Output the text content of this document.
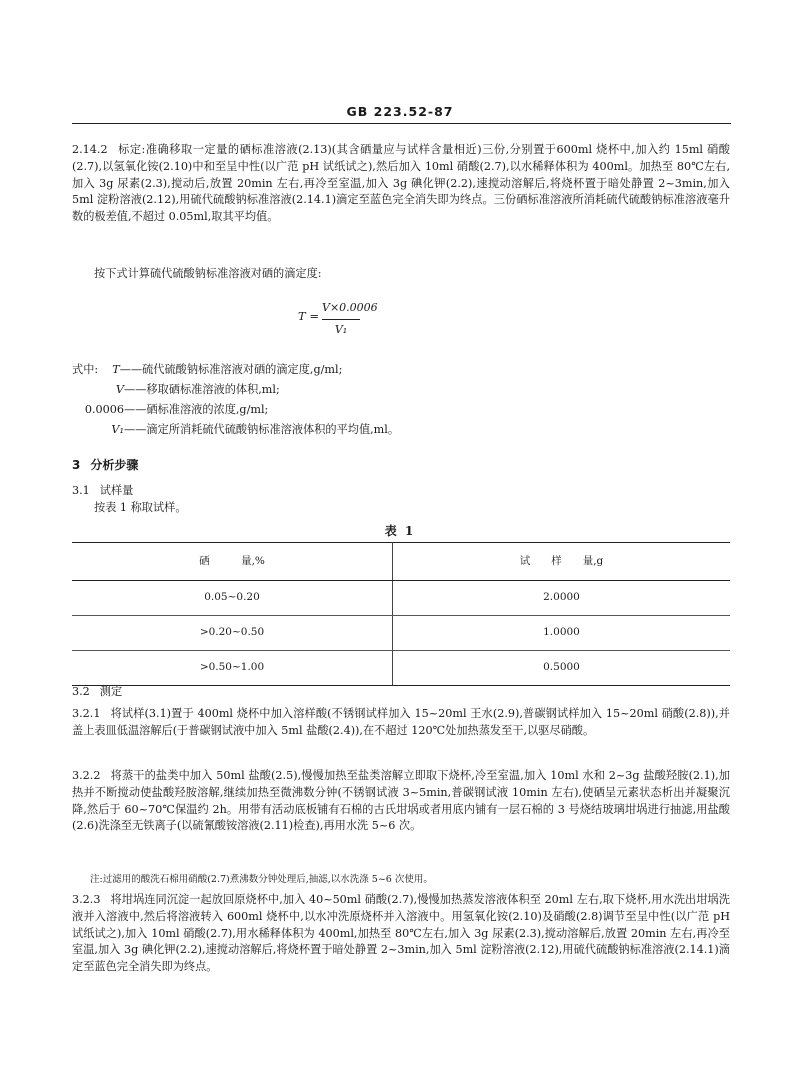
GB 223.52-87
2.14.2 标定:准确移取一定量的硒标准溶液(2.13)(其含硒量应与试样含量相近)三份,分别置于600ml 烧杯中,加入约 15ml 硝酸(2.7),以氢氧化铵(2.10)中和至呈中性(以广范 pH 试纸试之),然后加入 10ml 硝酸(2.7),以水稀释体积为 400ml。加热至 80℃左右,加入 3g 尿素(2.3),搅动后,放置 20min 左右,再冷至室温,加入 3g 碘化钾(2.2),速搅动溶解后,将烧杯置于暗处静置 2~3min,加入 5ml 淀粉溶液(2.12),用硫代硫酸钠标准溶液(2.14.1)滴定至蓝色完全消失即为终点。三份硒标准溶液所消耗硫代硫酸钠标准溶液毫升数的极差值,不超过 0.05ml,取其平均值。
按下式计算硫代硫酸钠标准溶液对硒的滴定度:
$T = \frac{V\times 0.0006}{\text{V₁}}$
式中: T——硫代硫酸钠标准溶液对硒的滴定度,g/ml;
V——移取硒标准溶液的体积,ml;
0.0006——硒标准溶液的浓度,g/ml;
V₁——滴定所消耗硫代硫酸钠标准溶液体积的平均值,ml。
3 分析步骤
3.1 试样量
按表 1 称取试样。
表 1
硒　　　量,%	试　　样　　量,g
0.05~0.20	2.0000
>0.20~0.50	1.0000
>0.50~1.00	0.5000
3.2 测定
3.2.1 将试样(3.1)置于 400ml 烧杯中加入溶样酸(不锈钢试样加入 15~20ml 王水(2.9),普碳钢试样加入 15~20ml 硝酸(2.8)),并盖上表皿低温溶解后(于普碳钢试液中加入 5ml 盐酸(2.4)),在不超过 120℃处加热蒸发至干,以驱尽硝酸。
3.2.2 将蒸干的盐类中加入 50ml 盐酸(2.5),慢慢加热至盐类溶解立即取下烧杯,冷至室温,加入 10ml 水和 2~3g 盐酸羟胺(2.1),加热并不断搅动使盐酸羟胺溶解,继续加热至微沸数分钟(不锈钢试液 3~5min,普碳钢试液 10min 左右),使硒呈元素状态析出并凝聚沉降,然后于 60~70℃保温约 2h。用带有活动底板铺有石棉的古氏坩埚或者用底内铺有一层石棉的 3 号烧结玻璃坩埚进行抽滤,用盐酸(2.6)洗涤至无铁离子(以硫氰酸铵溶液(2.11)检查),再用水洗 5~6 次。
注:过滤用的酸洗石棉用硝酸(2.7)煮沸数分钟处理后,抽滤,以水洗涤 5~6 次使用。
3.2.3 将坩埚连同沉淀一起放回原烧杯中,加入 40~50ml 硝酸(2.7),慢慢加热蒸发溶液体积至 20ml 左右,取下烧杯,用水洗出坩埚洗液并入溶液中,然后将溶液转入 600ml 烧杯中,以水冲洗原烧杯并入溶液中。用氢氧化铵(2.10)及硝酸(2.8)调节至呈中性(以广范 pH 试纸试之),加入 10ml 硝酸(2.7),用水稀释体积为 400ml,加热至 80℃左右,加入 3g 尿素(2.3),搅动溶解后,放置 20min 左右,再冷至室温,加入 3g 碘化钾(2.2),速搅动溶解后,将烧杯置于暗处静置 2~3min,加入 5ml 淀粉溶液(2.12),用硫代硫酸钠标准溶液(2.14.1)滴定至蓝色完全消失即为终点。
